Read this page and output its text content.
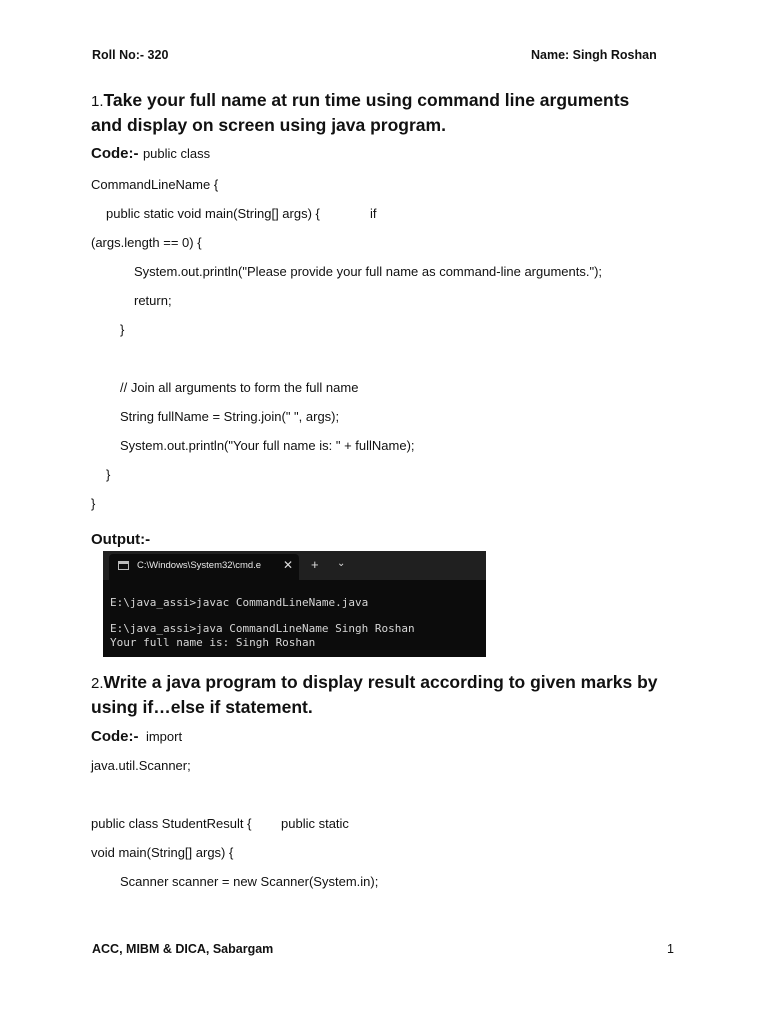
Roll No:- 320	Name: Singh Roshan
1.Take your full name at run time using command line arguments
and display on screen using java program.
Code:- public class
CommandLineName {
public static void main(String[] args) {	if
(args.length == 0) {
System.out.println("Please provide your full name as command-line arguments.");
return;
}
// Join all arguments to form the full name
String fullName = String.join(" ", args);
System.out.println("Your full name is: " + fullName);
}
}
Output:-
C:\Windows\System32\cmd.e ✕ + ⌄
E:\java_assi>javac CommandLineName.java
E:\java_assi>java CommandLineName Singh Roshan
Your full name is: Singh Roshan
2.Write a java program to display result according to given marks by
using if…else if statement.
Code:- import
java.util.Scanner;
public class StudentResult { public static
void main(String[] args) {
Scanner scanner = new Scanner(System.in);
ACC, MIBM & DICA, Sabargam	1
